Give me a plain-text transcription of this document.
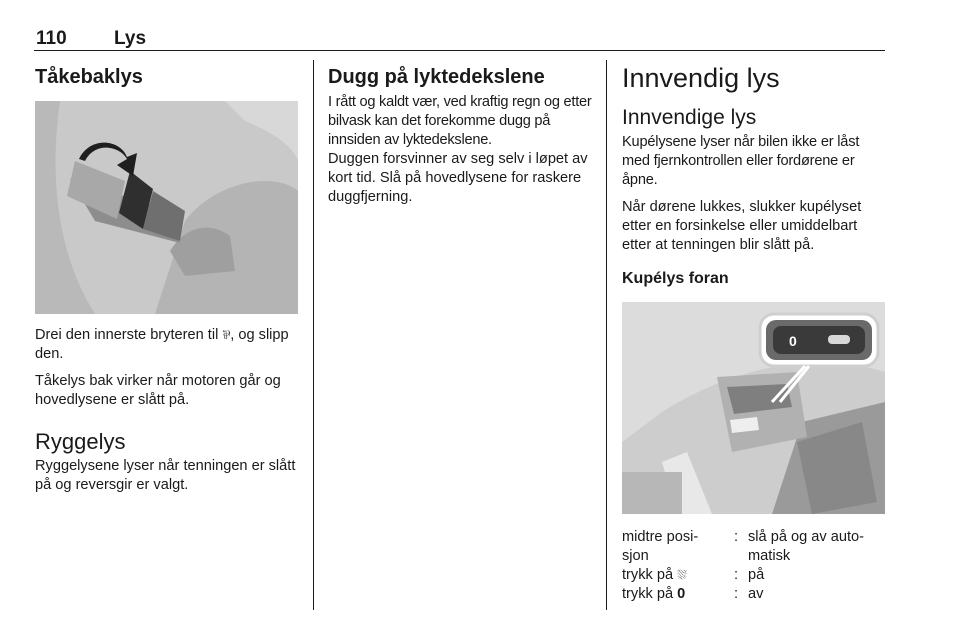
110 Lys
Tåkebaklys

Drei den innerste bryteren til ⅌, og slipp den.

Tåkelys bak virker når motoren går og hovedlysene er slått på.

Ryggelys

Ryggelysene lyser når tenningen er slått på og reversgir er valgt.

Dugg på lyktedekslene

I rått og kaldt vær, ved kraftig regn og etter bilvask kan det forekomme dugg på innsiden av lyktedekslene.

Duggen forsvinner av seg selv i løpet av kort tid. Slå på hovedlysene for raskere duggfjerning.

Innvendig lys
Innvendige lys

Kupélysene lyser når bilen ikke er låst med fjernkontrollen eller fordørene er åpne.

Når dørene lukkes, slukker kupélyset etter en forsinkelse eller umiddelbart etter at tenningen blir slått på.

Kupélys foran

0
midtre posi-sjon
: slå på og av auto-matisk
trykk på ⛆	: på
trykk på 0	: av
